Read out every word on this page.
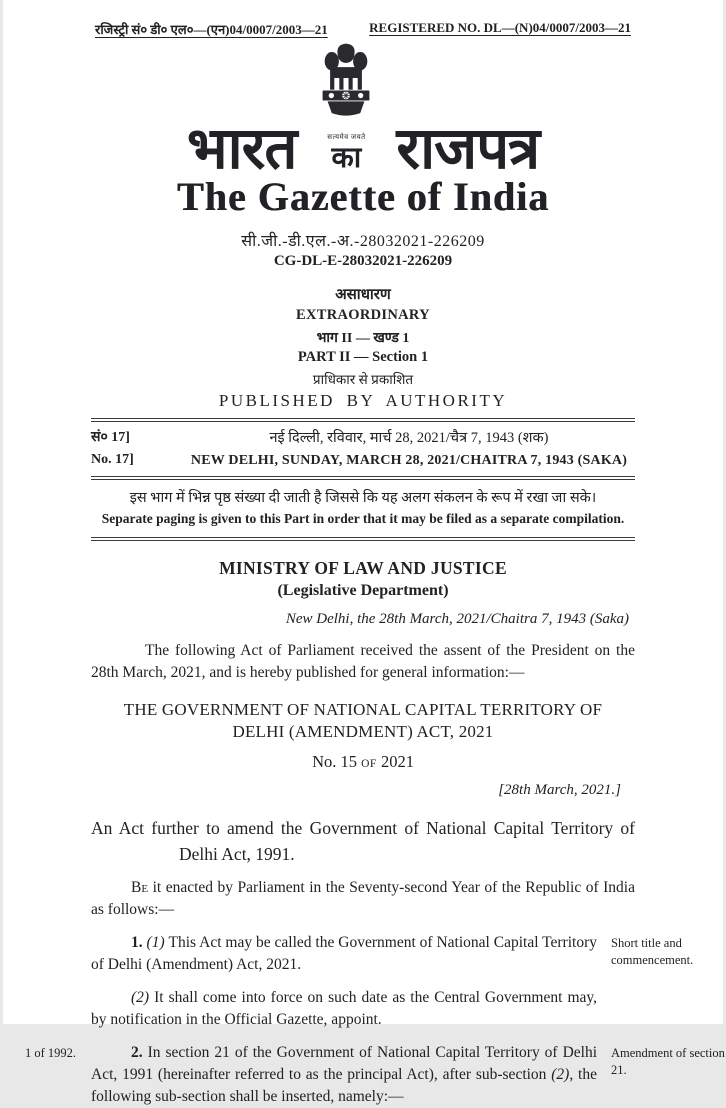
रजिस्ट्री सं० डी० एल०—(एन)04/0007/2003—21	REGISTERED NO. DL—(N)04/0007/2003—21
भारत	सत्यमेव जयते
का राजपत्र
The Gazette of India
सी.जी.-डी.एल.-अ.-28032021-226209
CG-DL-E-28032021-226209
असाधारण
EXTRAORDINARY
भाग II — खण्ड 1
PART II — Section 1
प्राधिकार से प्रकाशित
PUBLISHED BY AUTHORITY
सं० 17]
No. 17]
नई दिल्ली, रविवार, मार्च 28, 2021/चैत्र 7, 1943 (शक)
NEW DELHI, SUNDAY, MARCH 28, 2021/CHAITRA 7, 1943 (SAKA)
इस भाग में भिन्न पृष्ठ संख्या दी जाती है जिससे कि यह अलग संकलन के रूप में रखा जा सके।
Separate paging is given to this Part in order that it may be filed as a separate compilation.
MINISTRY OF LAW AND JUSTICE
(Legislative Department)
New Delhi, the 28th March, 2021/Chaitra 7, 1943 (Saka)
The following Act of Parliament received the assent of the President on the 28th March, 2021, and is hereby published for general information:—
THE GOVERNMENT OF NATIONAL CAPITAL TERRITORY OF
DELHI (AMENDMENT) ACT, 2021
No. 15 OF 2021
[28th March, 2021.]
An Act further to amend the Government of National Capital Territory of Delhi Act, 1991.
BE it enacted by Parliament in the Seventy-second Year of the Republic of India as follows:—
1. (1) This Act may be called the Government of National Capital Territory of Delhi (Amendment) Act, 2021.
Short title and commencement.
(2) It shall come into force on such date as the Central Government may, by notification in the Official Gazette, appoint.
2. In section 21 of the Government of National Capital Territory of Delhi Act, 1991 (hereinafter referred to as the principal Act), after sub-section (2), the following sub-section shall be inserted, namely:—
1 of 1992.	Amendment of section 21.
